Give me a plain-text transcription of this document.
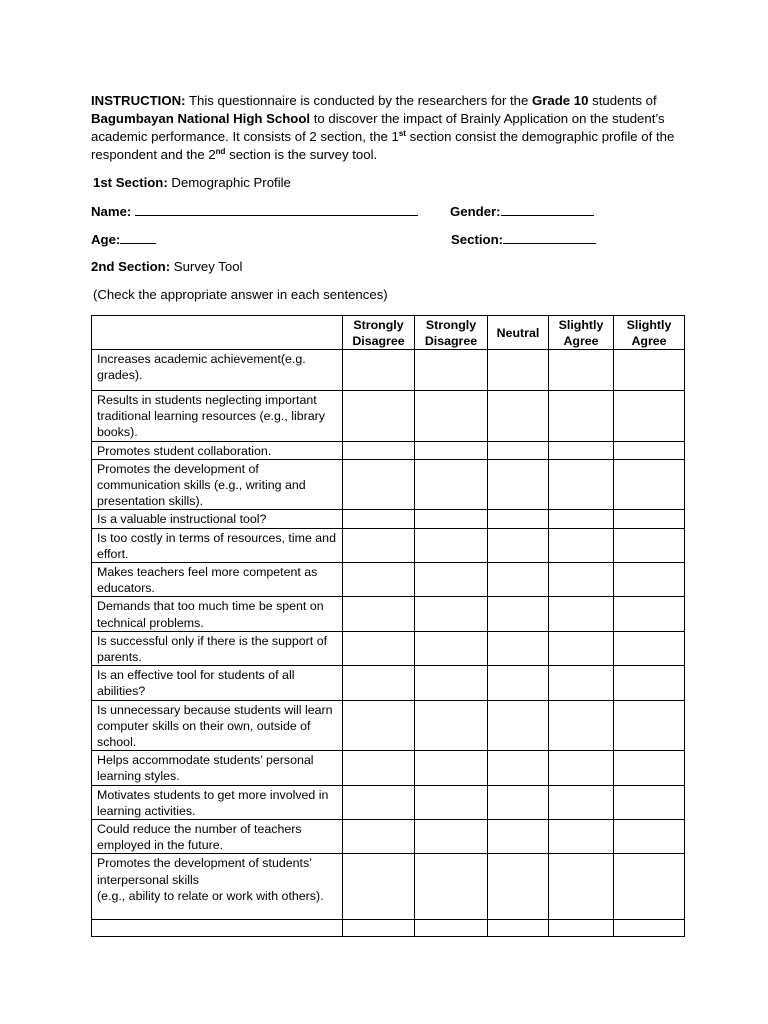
INSTRUCTION: This questionnaire is conducted by the researchers for the Grade 10 students of Bagumbayan National High School to discover the impact of Brainly Application on the student’s academic performance. It consists of 2 section, the 1st section consist the demographic profile of the respondent and the 2nd section is the survey tool.

1st Section: Demographic Profile
Name:	Gender:
Age:	Section:
2nd Section: Survey Tool
(Check the appropriate answer in each sentences)
	Strongly Disagree	Strongly Disagree	Neutral	Slightly Agree	Slightly Agree
Increases academic achievement(e.g. grades).					
Results in students neglecting important traditional learning resources (e.g., library books).					
Promotes student collaboration.					
Promotes the development of communication skills (e.g., writing and presentation skills).					
Is a valuable instructional tool?					
Is too costly in terms of resources, time and effort.					
Makes teachers feel more competent as educators.					
Demands that too much time be spent on technical problems.					
Is successful only if there is the support of parents.					
Is an effective tool for students of all abilities?					
Is unnecessary because students will learn computer skills on their own, outside of school.					
Helps accommodate students’ personal learning styles.					
Motivates students to get more involved in learning activities.					
Could reduce the number of teachers employed in the future.					
Promotes the development of students’ interpersonal skills
(e.g., ability to relate or work with others).					
